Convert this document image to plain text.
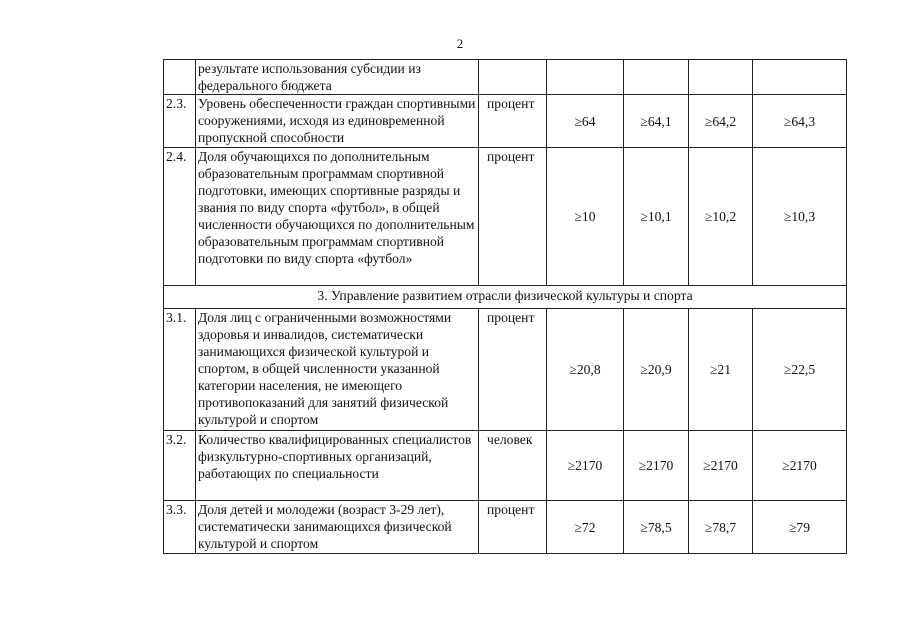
2
	результате использования субсидии из федерального бюджета					
2.3.	Уровень обеспеченности граждан спортивными сооружениями, исходя из единовременной пропускной способности	процент	≥64	≥64,1	≥64,2	≥64,3
2.4.	Доля обучающихся по дополнительным образовательным программам спортивной подготовки, имеющих спортивные разряды и звания по виду спорта «футбол», в общей численности обучающихся по дополнительным образовательным программам спортивной подготовки по виду спорта «футбол»	процент	≥10	≥10,1	≥10,2	≥10,3
3. Управление развитием отрасли физической культуры и спорта						
3.1.	Доля лиц с ограниченными возможностями здоровья и инвалидов, систематически занимающихся физической культурой и спортом, в общей численности указанной категории населения, не имеющего противопоказаний для занятий физической культурой и спортом	процент	≥20,8	≥20,9	≥21	≥22,5
3.2.	Количество квалифицированных специалистов физкультурно-спортивных организаций, работающих по специальности	человек	≥2170	≥2170	≥2170	≥2170
3.3.	Доля детей и молодежи (возраст 3-29 лет), систематически занимающихся физической культурой и спортом	процент	≥72	≥78,5	≥78,7	≥79
